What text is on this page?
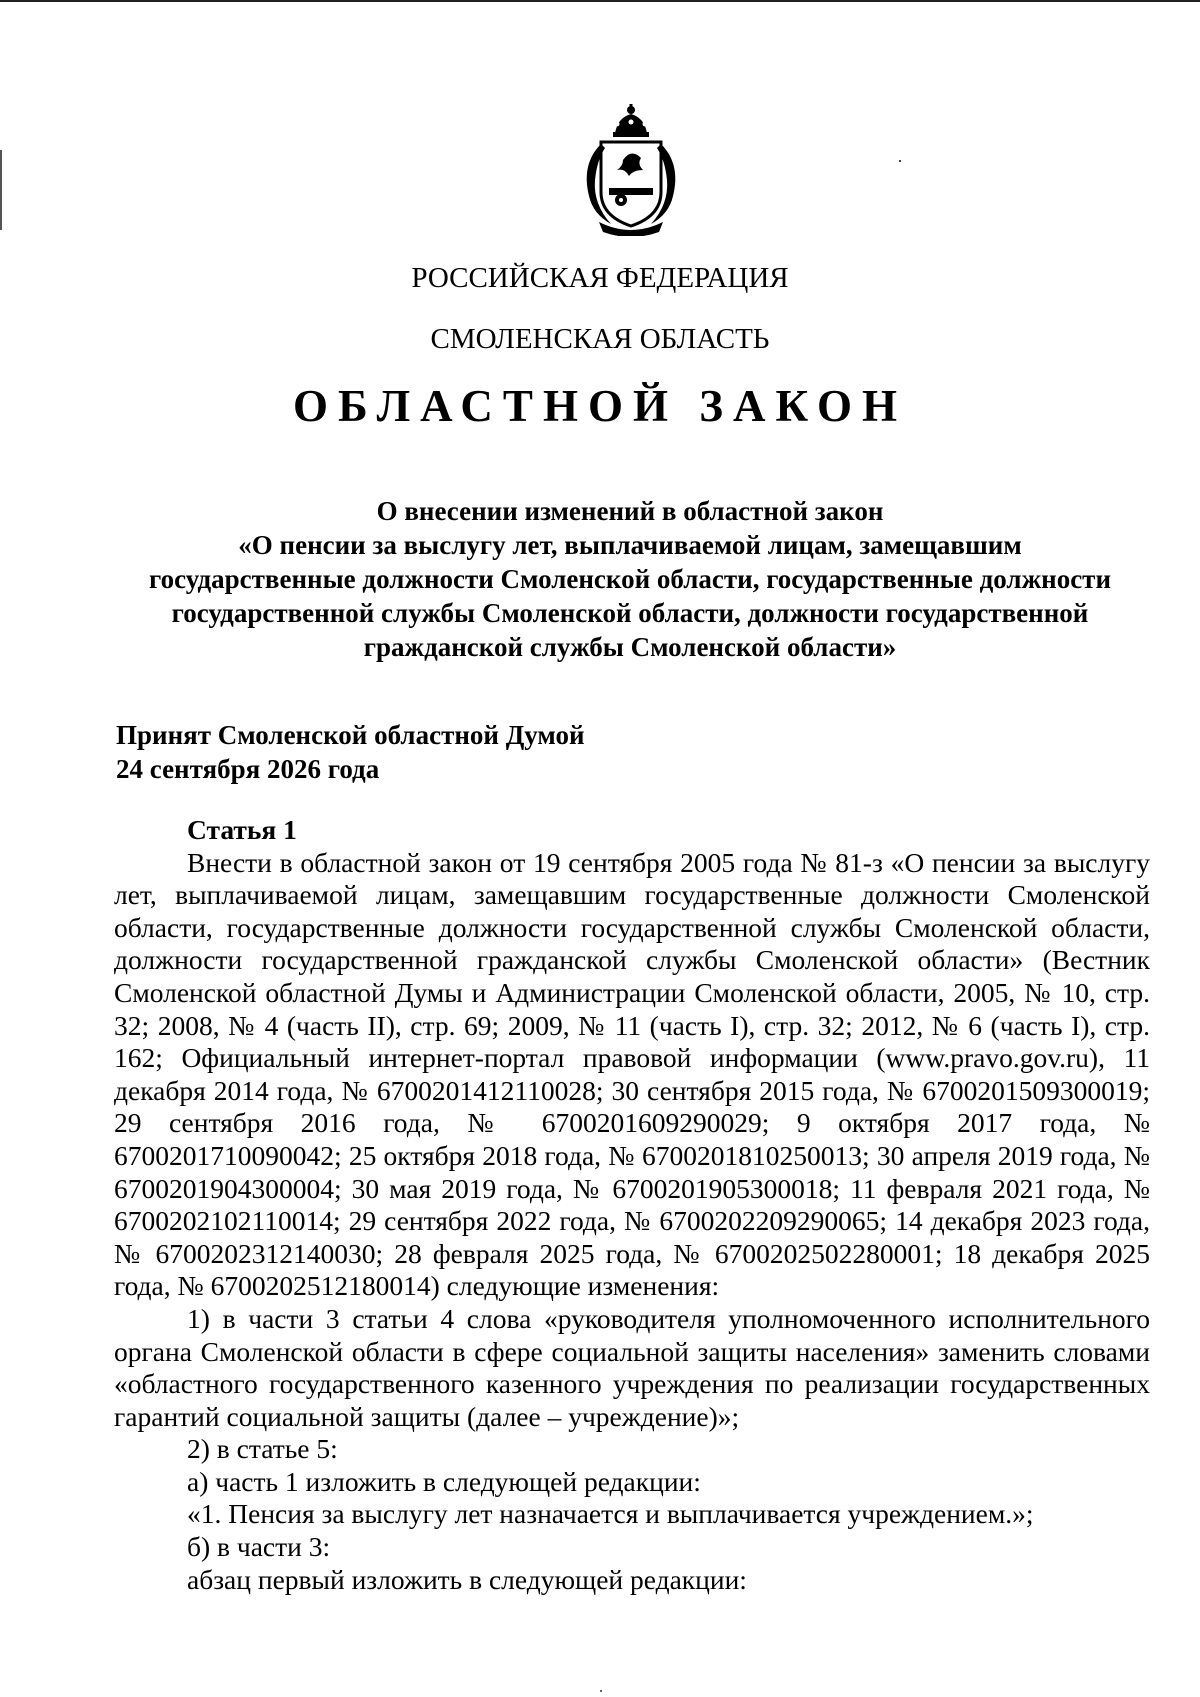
РОССИЙСКАЯ ФЕДЕРАЦИЯ
СМОЛЕНСКАЯ ОБЛАСТЬ
ОБЛАСТНОЙ ЗАКОН
О внесении изменений в областной закон
«О пенсии за выслугу лет, выплачиваемой лицам, замещавшим
государственные должности Смоленской области, государственные должности
государственной службы Смоленской области, должности государственной
гражданской службы Смоленской области»
Принят Смоленской областной Думой
24 сентября 2026 года

Статья 1

Внести в областной закон от 19 сентября 2005 года № 81-з «О пенсии за выслугу лет, выплачиваемой лицам, замещавшим государственные должности Смоленской области, государственные должности государственной службы Смоленской области, должности государственной гражданской службы Смоленской области» (Вестник Смоленской областной Думы и Администрации Смоленской области, 2005, № 10, стр. 32; 2008, № 4 (часть II), стр. 69; 2009, № 11 (часть I), стр. 32; 2012, № 6 (часть I), стр. 162; Официальный интернет-портал правовой информации (www.pravo.gov.ru), 11 декабря 2014 года, № 6700201412110028; 30 сентября 2015 года, № 6700201509300019; 29 сентября 2016 года, № 6700201609290029; 9 октября 2017 года, № 6700201710090042; 25 октября 2018 года, № 6700201810250013; 30 апреля 2019 года, № 6700201904300004; 30 мая 2019 года, № 6700201905300018; 11 февраля 2021 года, № 6700202102110014; 29 сентября 2022 года, № 6700202209290065; 14 декабря 2023 года, № 6700202312140030; 28 февраля 2025 года, № 6700202502280001; 18 декабря 2025 года, № 6700202512180014) следующие изменения:

1) в части 3 статьи 4 слова «руководителя уполномоченного исполнительного органа Смоленской области в сфере социальной защиты населения» заменить словами «областного государственного казенного учреждения по реализации государственных гарантий социальной защиты (далее – учреждение)»;

2) в статье 5:

а) часть 1 изложить в следующей редакции:

«1. Пенсия за выслугу лет назначается и выплачивается учреждением.»;

б) в части 3:

абзац первый изложить в следующей редакции:
